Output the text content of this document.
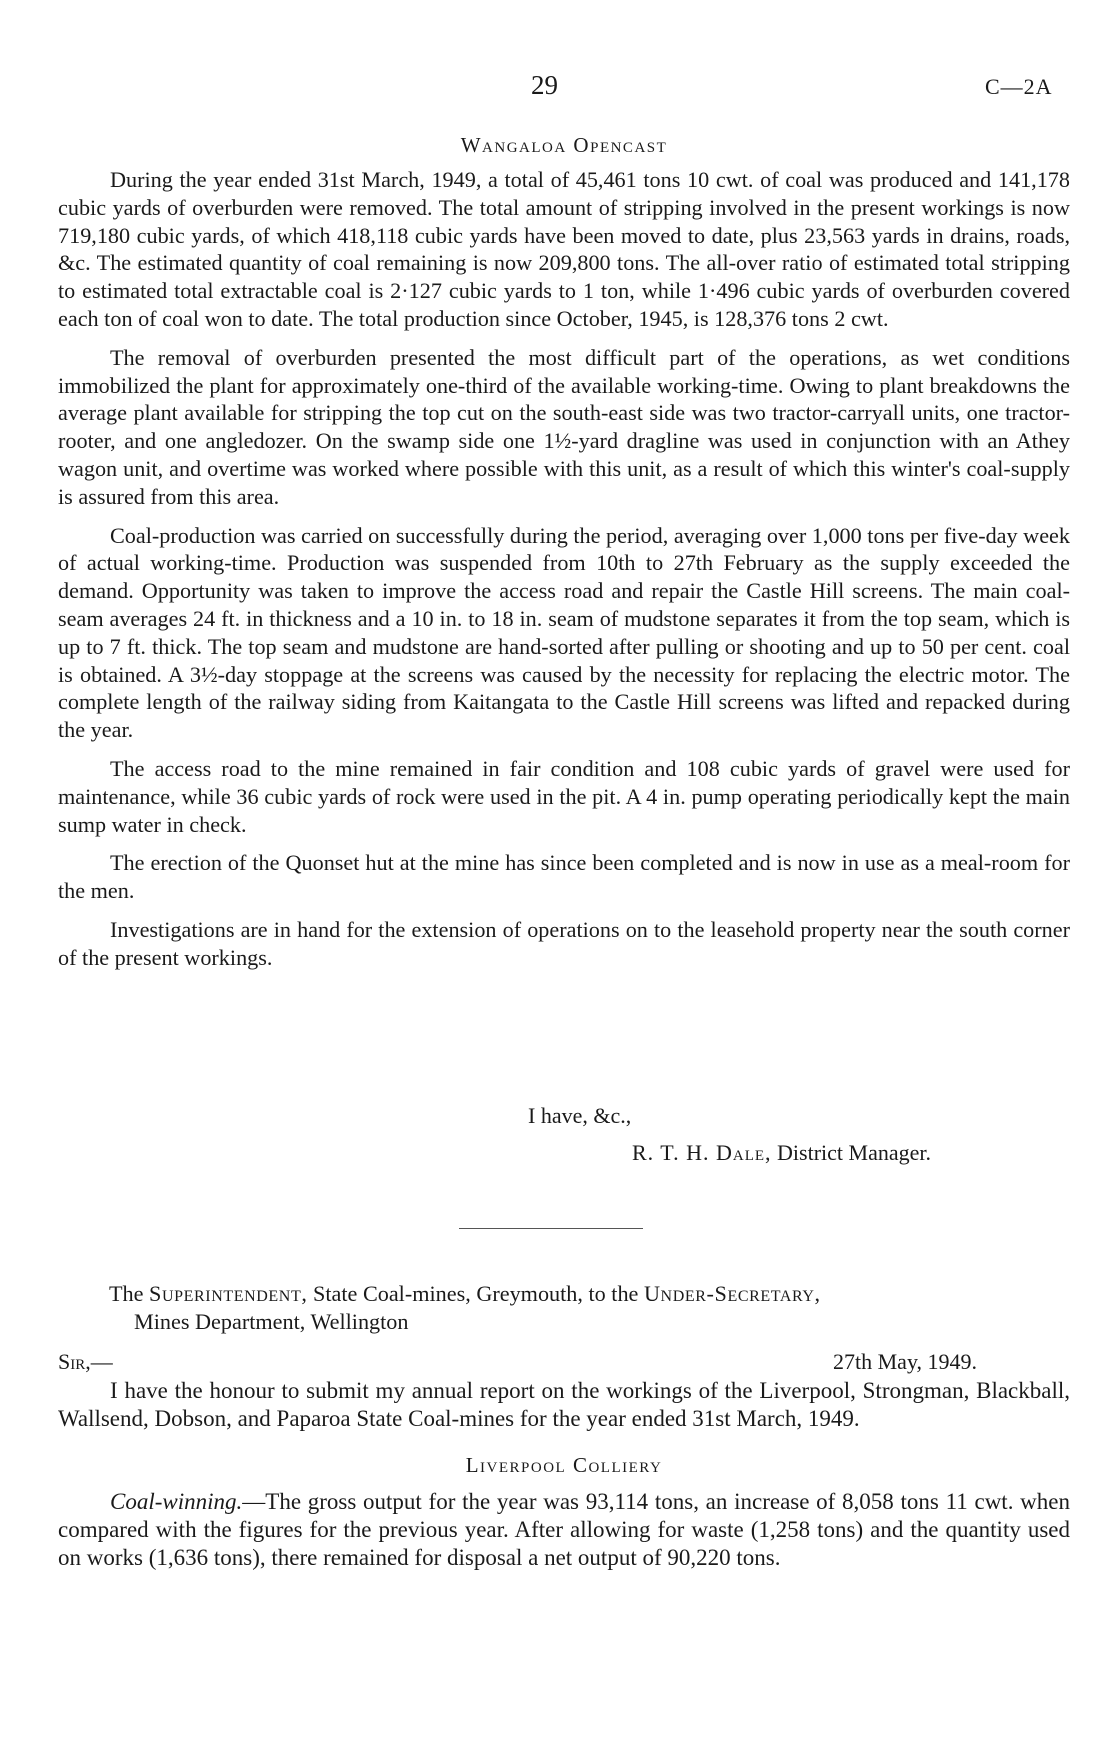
29	C—2A
Wangaloa Opencast

During the year ended 31st March, 1949, a total of 45,461 tons 10 cwt. of coal was produced and 141,178 cubic yards of overburden were removed. The total amount of stripping involved in the present workings is now 719,180 cubic yards, of which 418,118 cubic yards have been moved to date, plus 23,563 yards in drains, roads, &c. The estimated quantity of coal remaining is now 209,800 tons. The all-over ratio of estimated total stripping to estimated total extractable coal is 2·127 cubic yards to 1 ton, while 1·496 cubic yards of overburden covered each ton of coal won to date. The total production since October, 1945, is 128,376 tons 2 cwt.

The removal of overburden presented the most difficult part of the operations, as wet conditions immobilized the plant for approximately one-third of the available working-time. Owing to plant breakdowns the average plant available for stripping the top cut on the south-east side was two tractor-carryall units, one tractor-rooter, and one angledozer. On the swamp side one 1½-yard dragline was used in conjunction with an Athey wagon unit, and overtime was worked where possible with this unit, as a result of which this winter's coal-supply is assured from this area.

Coal-production was carried on successfully during the period, averaging over 1,000 tons per five-day week of actual working-time. Production was suspended from 10th to 27th February as the supply exceeded the demand. Opportunity was taken to improve the access road and repair the Castle Hill screens. The main coal-seam averages 24 ft. in thickness and a 10 in. to 18 in. seam of mudstone separates it from the top seam, which is up to 7 ft. thick. The top seam and mudstone are hand-sorted after pulling or shooting and up to 50 per cent. coal is obtained. A 3½-day stoppage at the screens was caused by the necessity for replacing the electric motor. The complete length of the railway siding from Kaitangata to the Castle Hill screens was lifted and repacked during the year.

The access road to the mine remained in fair condition and 108 cubic yards of gravel were used for maintenance, while 36 cubic yards of rock were used in the pit. A 4 in. pump operating periodically kept the main sump water in check.

The erection of the Quonset hut at the mine has since been completed and is now in use as a meal-room for the men.

Investigations are in hand for the extension of operations on to the leasehold property near the south corner of the present workings.

I have, &c.,
R. T. H. Dale, District Manager.
The Superintendent, State Coal-mines, Greymouth, to the Under-Secretary,
Mines Department, Wellington
Sir,—	27th May, 1949.

I have the honour to submit my annual report on the workings of the Liverpool, Strongman, Blackball, Wallsend, Dobson, and Paparoa State Coal-mines for the year ended 31st March, 1949.

Liverpool Colliery

Coal-winning.—The gross output for the year was 93,114 tons, an increase of 8,058 tons 11 cwt. when compared with the figures for the previous year. After allowing for waste (1,258 tons) and the quantity used on works (1,636 tons), there remained for disposal a net output of 90,220 tons.
